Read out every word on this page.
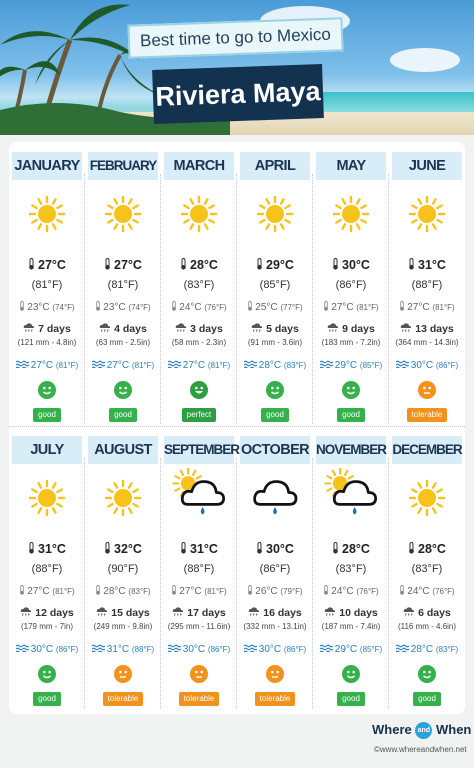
Best time to go to Mexico
Riviera Maya
JANUARY
27°C
(81°F)
23°C (74°F)
7 days
(121 mm - 4.8in)
27°C (81°F)
good
FEBRUARY
27°C
(81°F)
23°C (74°F)
4 days
(63 mm - 2.5in)
27°C (81°F)
good
MARCH
28°C
(83°F)
24°C (76°F)
3 days
(58 mm - 2.3in)
27°C (81°F)
perfect
APRIL
29°C
(85°F)
25°C (77°F)
5 days
(91 mm - 3.6in)
28°C (83°F)
good
MAY
30°C
(86°F)
27°C (81°F)
9 days
(183 mm - 7.2in)
29°C (85°F)
good
JUNE
31°C
(88°F)
27°C (81°F)
13 days
(364 mm - 14.3in)
30°C (86°F)
tolerable
JULY
31°C
(88°F)
27°C (81°F)
12 days
(179 mm - 7in)
30°C (86°F)
good
AUGUST
32°C
(90°F)
28°C (83°F)
15 days
(249 mm - 9.8in)
31°C (88°F)
tolerable
SEPTEMBER
31°C
(88°F)
27°C (81°F)
17 days
(295 mm - 11.6in)
30°C (86°F)
tolerable
OCTOBER
30°C
(86°F)
26°C (79°F)
16 days
(332 mm - 13.1in)
30°C (86°F)
tolerable
NOVEMBER
28°C
(83°F)
24°C (76°F)
10 days
(187 mm - 7.4in)
29°C (85°F)
good
DECEMBER
28°C
(83°F)
24°C (76°F)
6 days
(116 mm - 4.6in)
28°C (83°F)
good
Where and When
©www.whereandwhen.net
